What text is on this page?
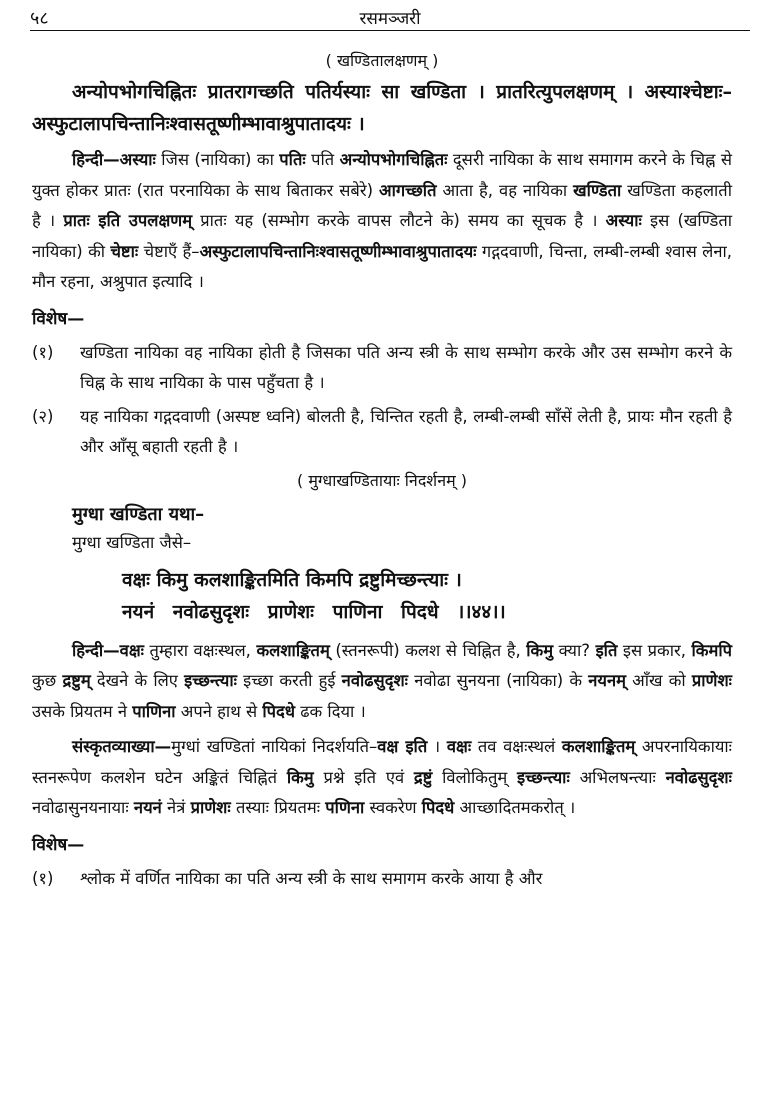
५८	रसमञ्जरी

( खण्डितालक्षणम् )

अन्योपभोगचिह्नितः प्रातरागच्छति पतिर्यस्याः सा खण्डिता । प्रातरित्युपलक्षणम् । अस्याश्चेष्टाः–अस्फुटालापचिन्तानिःश्वासतूष्णीम्भावाश्रुपातादयः ।

हिन्दी—अस्याः जिस (नायिका) का पतिः पति अन्योपभोगचिह्नितः दूसरी नायिका के साथ समागम करने के चिह्न से युक्त होकर प्रातः (रात परनायिका के साथ बिताकर सबेरे) आगच्छति आता है, वह नायिका खण्डिता खण्डिता कहलाती है । प्रातः इति उपलक्षणम् प्रातः यह (सम्भोग करके वापस लौटने के) समय का सूचक है । अस्याः इस (खण्डिता नायिका) की चेष्टाः चेष्टाएँ हैं–अस्फुटालापचिन्तानिःश्वासतूष्णीम्भावाश्रुपातादयः गद्गदवाणी, चिन्ता, लम्बी-लम्बी श्वास लेना, मौन रहना, अश्रुपात इत्यादि ।

विशेष—

(१)	खण्डिता नायिका वह नायिका होती है जिसका पति अन्य स्त्री के साथ सम्भोग करके और उस सम्भोग करने के चिह्न के साथ नायिका के पास पहुँचता है ।
(२)	यह नायिका गद्गदवाणी (अस्पष्ट ध्वनि) बोलती है, चिन्तित रहती है, लम्बी-लम्बी साँसें लेती है, प्रायः मौन रहती है और आँसू बहाती रहती है ।

( मुग्धाखण्डितायाः निदर्शनम् )

मुग्धा खण्डिता यथा–

मुग्धा खण्डिता जैसे–

वक्षः किमु कलशाङ्कितमिति किमपि द्रष्टुमिच्छन्त्याः ।

नयनं नवोढसुदृशः प्राणेशः पाणिना पिदधे ।।४४।।

हिन्दी—वक्षः तुम्हारा वक्षःस्थल, कलशाङ्कितम् (स्तनरूपी) कलश से चिह्नित है, किमु क्या? इति इस प्रकार, किमपि कुछ द्रष्टुम् देखने के लिए इच्छन्त्याः इच्छा करती हुई नवोढसुदृशः नवोढा सुनयना (नायिका) के नयनम् आँख को प्राणेशः उसके प्रियतम ने पाणिना अपने हाथ से पिदधे ढक दिया ।

संस्कृतव्याख्या—मुग्धां खण्डितां नायिकां निदर्शयति–वक्ष इति । वक्षः तव वक्षःस्थलं कलशाङ्कितम् अपरनायिकायाः स्तनरूपेण कलशेन घटेन अङ्कितं चिह्नितं किमु प्रश्ने इति एवं द्रष्टुं विलोकितुम् इच्छन्त्याः अभिलषन्त्याः नवोढसुदृशः नवोढासुनयनायाः नयनं नेत्रं प्राणेशः तस्याः प्रियतमः पणिना स्वकरेण पिदधे आच्छादितमकरोत् ।

विशेष—

(१)	श्लोक में वर्णित नायिका का पति अन्य स्त्री के साथ समागम करके आया है और
